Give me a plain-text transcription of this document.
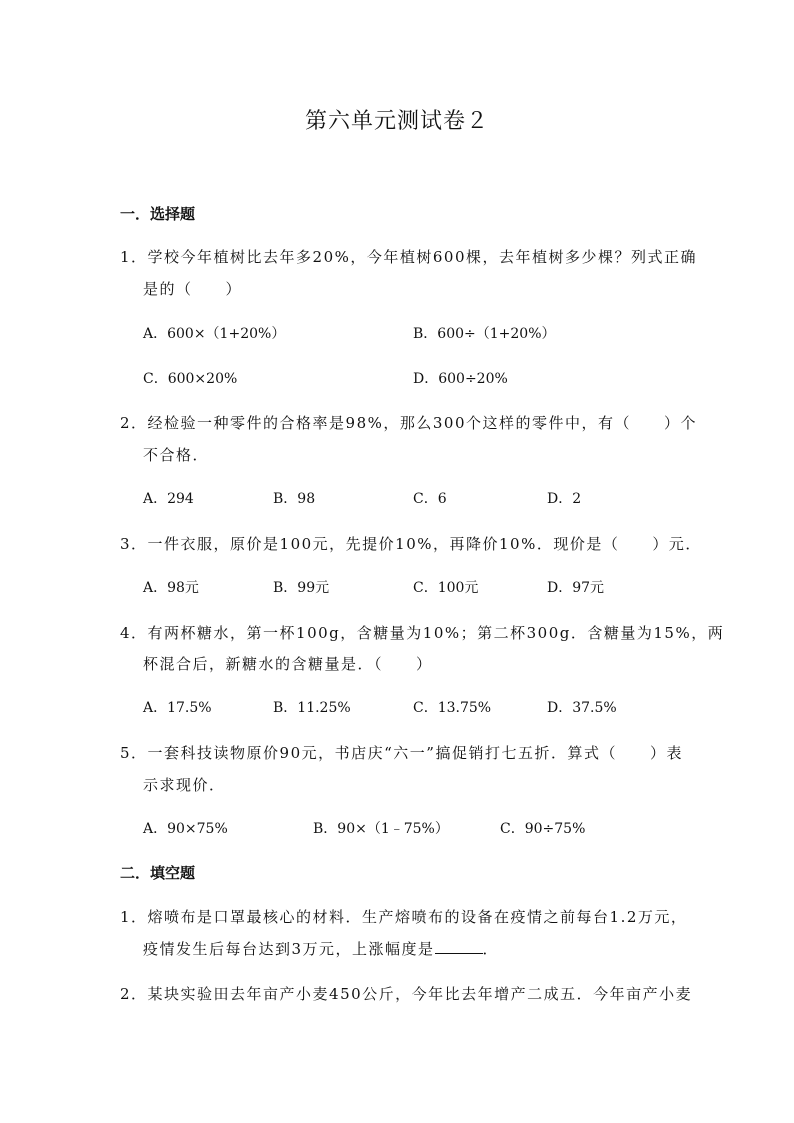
第六单元测试卷２
一．选择题
1．学校今年植树比去年多20%，今年植树600棵，去年植树多少棵？列式正确
是的（　　）
A．600×（1+20%）	B．600÷（1+20%）
C．600×20%	D．600÷20%
2．经检验一种零件的合格率是98%，那么300个这样的零件中，有（　　）个
不合格．
A．294	B．98	C．6	D．2
3．一件衣服，原价是100元，先提价10%，再降价10%．现价是（　　）元．
A．98元	B．99元	C．100元	D．97元
4．有两杯糖水，第一杯100g，含糖量为10%；第二杯300g．含糖量为15%，两
杯混合后，新糖水的含糖量是．（　　）
A．17.5%	B．11.25%	C．13.75%	D．37.5%
5．一套科技读物原价90元，书店庆“六一”搞促销打七五折．算式（　　）表
示求现价．
A．90×75%	B．90×（1﹣75%）	C．90÷75%
二．填空题
1．熔喷布是口罩最核心的材料．生产熔喷布的设备在疫情之前每台1.2万元，
疫情发生后每台达到3万元，上涨幅度是	．
2．某块实验田去年亩产小麦450公斤，今年比去年增产二成五．今年亩产小麦
